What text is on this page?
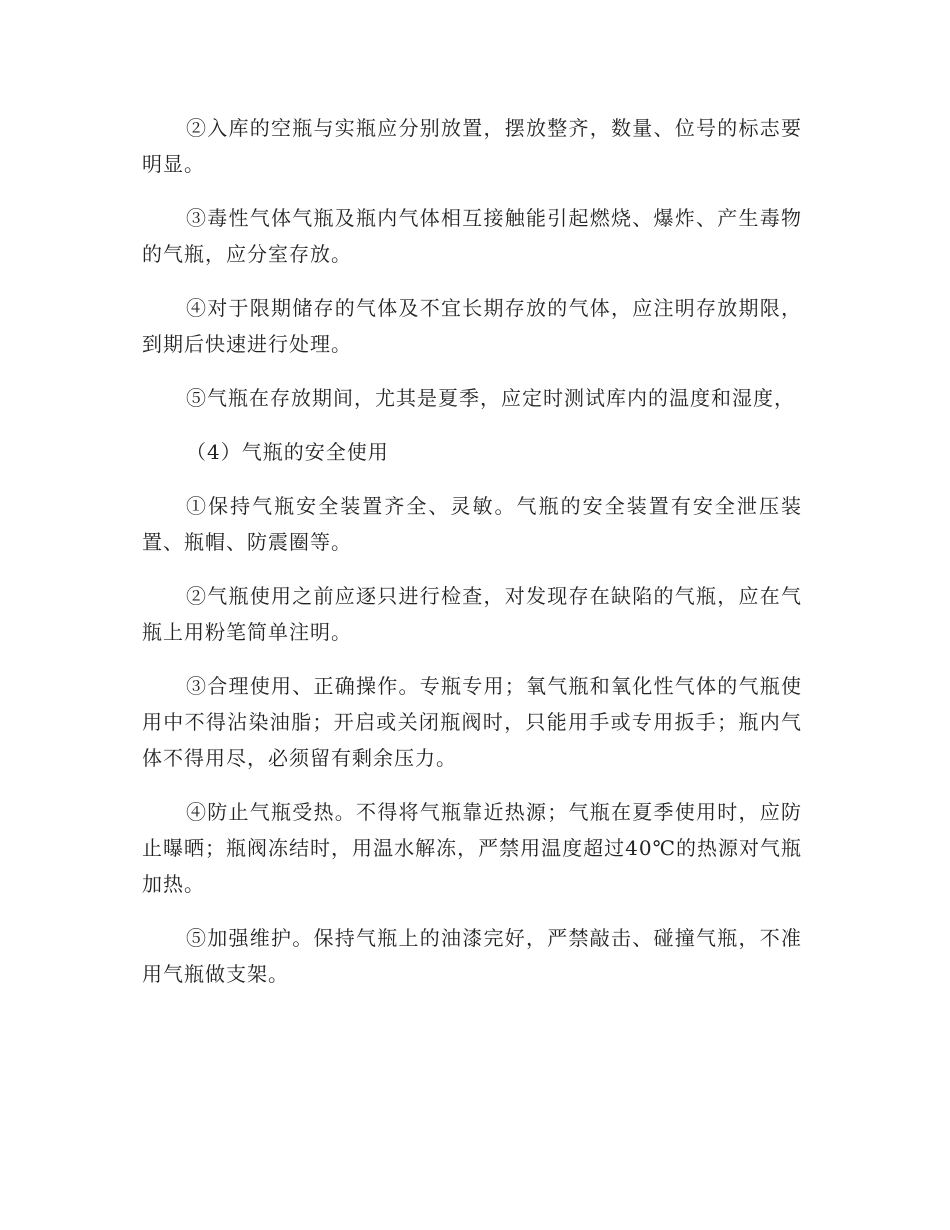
②入库的空瓶与实瓶应分别放置，摆放整齐，数量、位号的标志要明显。

③毒性气体气瓶及瓶内气体相互接触能引起燃烧、爆炸、产生毒物的气瓶，应分室存放。

④对于限期储存的气体及不宜长期存放的气体，应注明存放期限，到期后快速进行处理。

⑤气瓶在存放期间，尤其是夏季，应定时测试库内的温度和湿度，

（4）气瓶的安全使用

①保持气瓶安全装置齐全、灵敏。气瓶的安全装置有安全泄压装置、瓶帽、防震圈等。

②气瓶使用之前应逐只进行检查，对发现存在缺陷的气瓶，应在气瓶上用粉笔简单注明。

③合理使用、正确操作。专瓶专用；氧气瓶和氧化性气体的气瓶使用中不得沾染油脂；开启或关闭瓶阀时，只能用手或专用扳手；瓶内气体不得用尽，必须留有剩余压力。

④防止气瓶受热。不得将气瓶靠近热源；气瓶在夏季使用时，应防止曝晒；瓶阀冻结时，用温水解冻，严禁用温度超过40℃的热源对气瓶加热。

⑤加强维护。保持气瓶上的油漆完好，严禁敲击、碰撞气瓶，不准用气瓶做支架。
